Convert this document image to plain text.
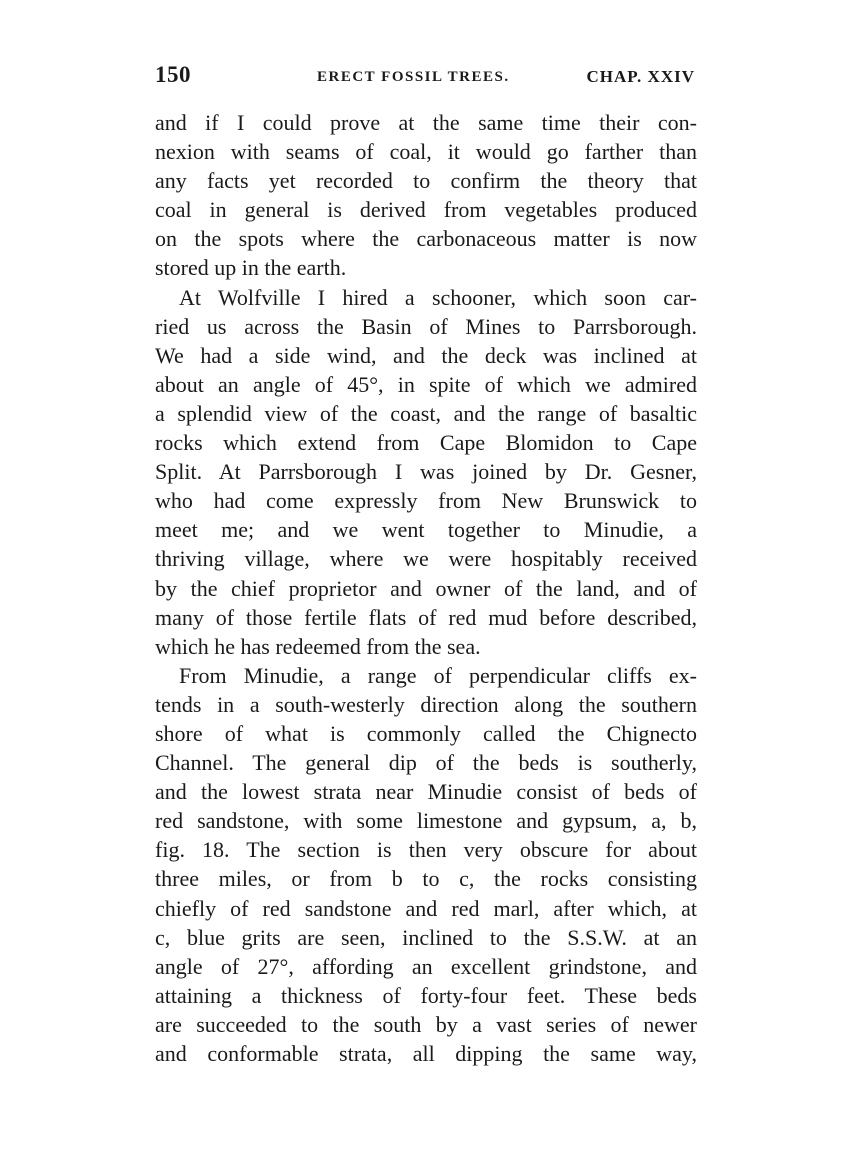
150	ERECT FOSSIL TREES.	CHAP. XXIV
and if I could prove at the same time their con-
nexion with seams of coal, it would go farther than
any facts yet recorded to confirm the theory that
coal in general is derived from vegetables produced
on the spots where the carbonaceous matter is now
stored up in the earth.
At Wolfville I hired a schooner, which soon car-
ried us across the Basin of Mines to Parrsborough.
We had a side wind, and the deck was inclined at
about an angle of 45°, in spite of which we admired
a splendid view of the coast, and the range of basaltic
rocks which extend from Cape Blomidon to Cape
Split. At Parrsborough I was joined by Dr. Gesner,
who had come expressly from New Brunswick to
meet me; and we went together to Minudie, a
thriving village, where we were hospitably received
by the chief proprietor and owner of the land, and of
many of those fertile flats of red mud before described,
which he has redeemed from the sea.
From Minudie, a range of perpendicular cliffs ex-
tends in a south-westerly direction along the southern
shore of what is commonly called the Chignecto
Channel. The general dip of the beds is southerly,
and the lowest strata near Minudie consist of beds of
red sandstone, with some limestone and gypsum, a, b,
fig. 18. The section is then very obscure for about
three miles, or from b to c, the rocks consisting
chiefly of red sandstone and red marl, after which, at
c, blue grits are seen, inclined to the S.S.W. at an
angle of 27°, affording an excellent grindstone, and
attaining a thickness of forty-four feet. These beds
are succeeded to the south by a vast series of newer
and conformable strata, all dipping the same way,
